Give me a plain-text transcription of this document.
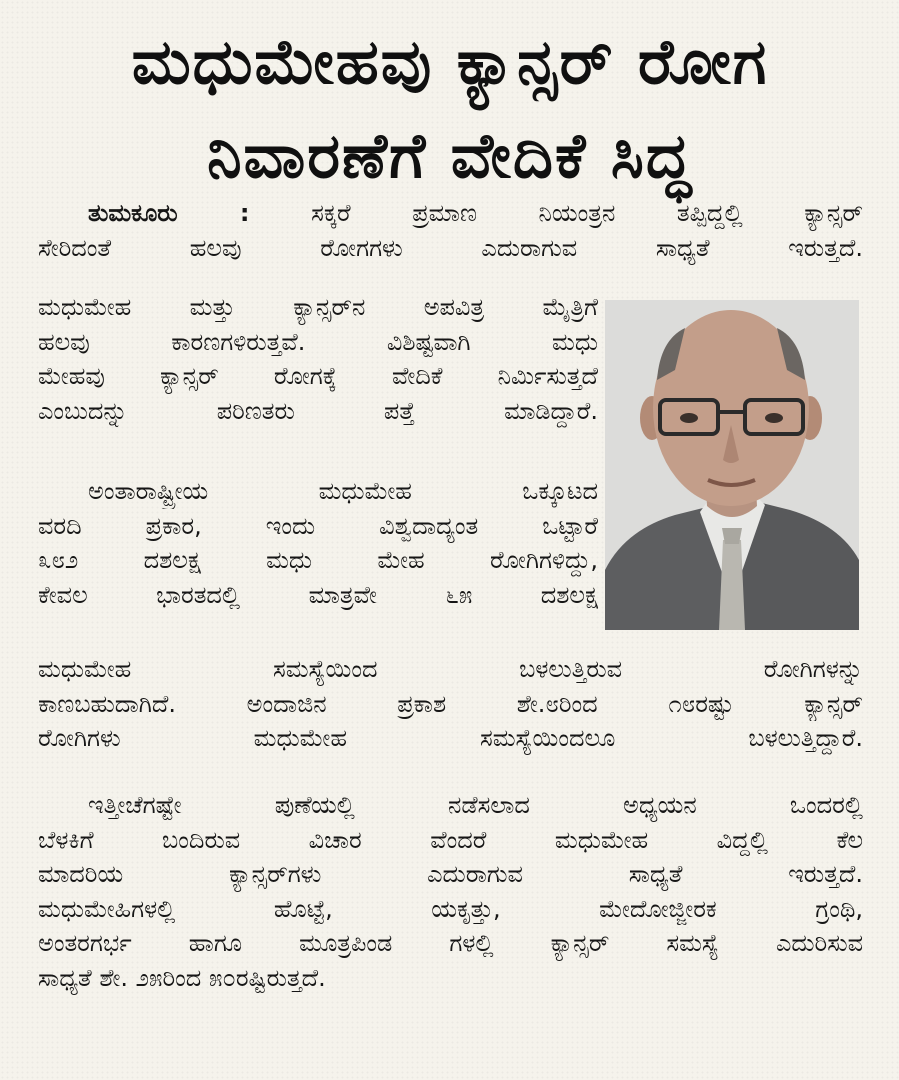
ಮಧುಮೇಹವು ಕ್ಯಾನ್ಸರ್ ರೋಗ
ನಿವಾರಣೆಗೆ ವೇದಿಕೆ ಸಿದ್ಧ
ತುಮಕೂರು :	ಸಕ್ಕರೆ ಪ್ರಮಾಣ ನಿಯಂತ್ರನ ತಪ್ಪಿದ್ದಲ್ಲಿ ಕ್ಯಾನ್ಸರ್
ಸೇರಿದಂತೆ ಹಲವು ರೋಗಗಳು ಎದುರಾಗುವ ಸಾಧ್ಯತೆ ಇರುತ್ತದೆ.
ಮಧುಮೇಹ ಮತ್ತು ಕ್ಯಾನ್ಸರ್‌ನ ಅಪವಿತ್ರ ಮೈತ್ರಿಗೆ
ಹಲವು ಕಾರಣಗಳಿರುತ್ತವೆ. ವಿಶಿಷ್ಟವಾಗಿ ಮಧು
ಮೇಹವು ಕ್ಯಾನ್ಸರ್ ರೋಗಕ್ಕೆ ವೇದಿಕೆ ನಿರ್ಮಿಸುತ್ತದೆ
ಎಂಬುದನ್ನು ಪರಿಣತರು ಪತ್ತೆ ಮಾಡಿದ್ದಾರೆ.
ಅಂತಾರಾಷ್ಟ್ರೀಯ ಮಧುಮೇಹ ಒಕ್ಕೂಟದ
ವರದಿ ಪ್ರಕಾರ, ಇಂದು ವಿಶ್ವದಾದ್ಯಂತ ಒಟ್ಟಾರೆ
೩೮೨ ದಶಲಕ್ಷ ಮಧು ಮೇಹ ರೋಗಿಗಳಿದ್ದು,
ಕೇವಲ ಭಾರತದಲ್ಲಿ ಮಾತ್ರವೇ ೬೫ ದಶಲಕ್ಷ
ಮಧುಮೇಹ ಸಮಸ್ಯೆಯಿಂದ ಬಳಲುತ್ತಿರುವ ರೋಗಿಗಳನ್ನು
ಕಾಣಬಹುದಾಗಿದೆ. ಅಂದಾಜಿನ ಪ್ರಕಾಶ ಶೇ.೮ರಿಂದ ೧೮ರಷ್ಟು ಕ್ಯಾನ್ಸರ್
ರೋಗಿಗಳು ಮಧುಮೇಹ ಸಮಸ್ಯೆಯಿಂದಲೂ ಬಳಲುತ್ತಿದ್ದಾರೆ.
ಇತ್ತೀಚೆಗಷ್ಟೇ ಪುಣೆಯಲ್ಲಿ ನಡೆಸಲಾದ ಅಧ್ಯಯನ ಒಂದರಲ್ಲಿ
ಬೆಳಕಿಗೆ ಬಂದಿರುವ ವಿಚಾರ ವೆಂದರೆ ಮಧುಮೇಹ ವಿದ್ದಲ್ಲಿ ಕೆಲ
ಮಾದರಿಯ ಕ್ಯಾನ್ಸರ್‌ಗಳು ಎದುರಾಗುವ ಸಾಧ್ಯತೆ ಇರುತ್ತದೆ.
ಮಧುಮೇಹಿಗಳಲ್ಲಿ ಹೊಟ್ಟೆ, ಯಕೃತ್ತು, ಮೇದೋಜ್ಜೀರಕ ಗ್ರಂಥಿ,
ಅಂತರಗರ್ಭ ಹಾಗೂ ಮೂತ್ರಪಿಂಡ ಗಳಲ್ಲಿ ಕ್ಯಾನ್ಸರ್ ಸಮಸ್ಯೆ ಎದುರಿಸುವ
ಸಾಧ್ಯತೆ ಶೇ. ೨೫ರಿಂದ ೫೦ರಷ್ಟಿರುತ್ತದೆ.
